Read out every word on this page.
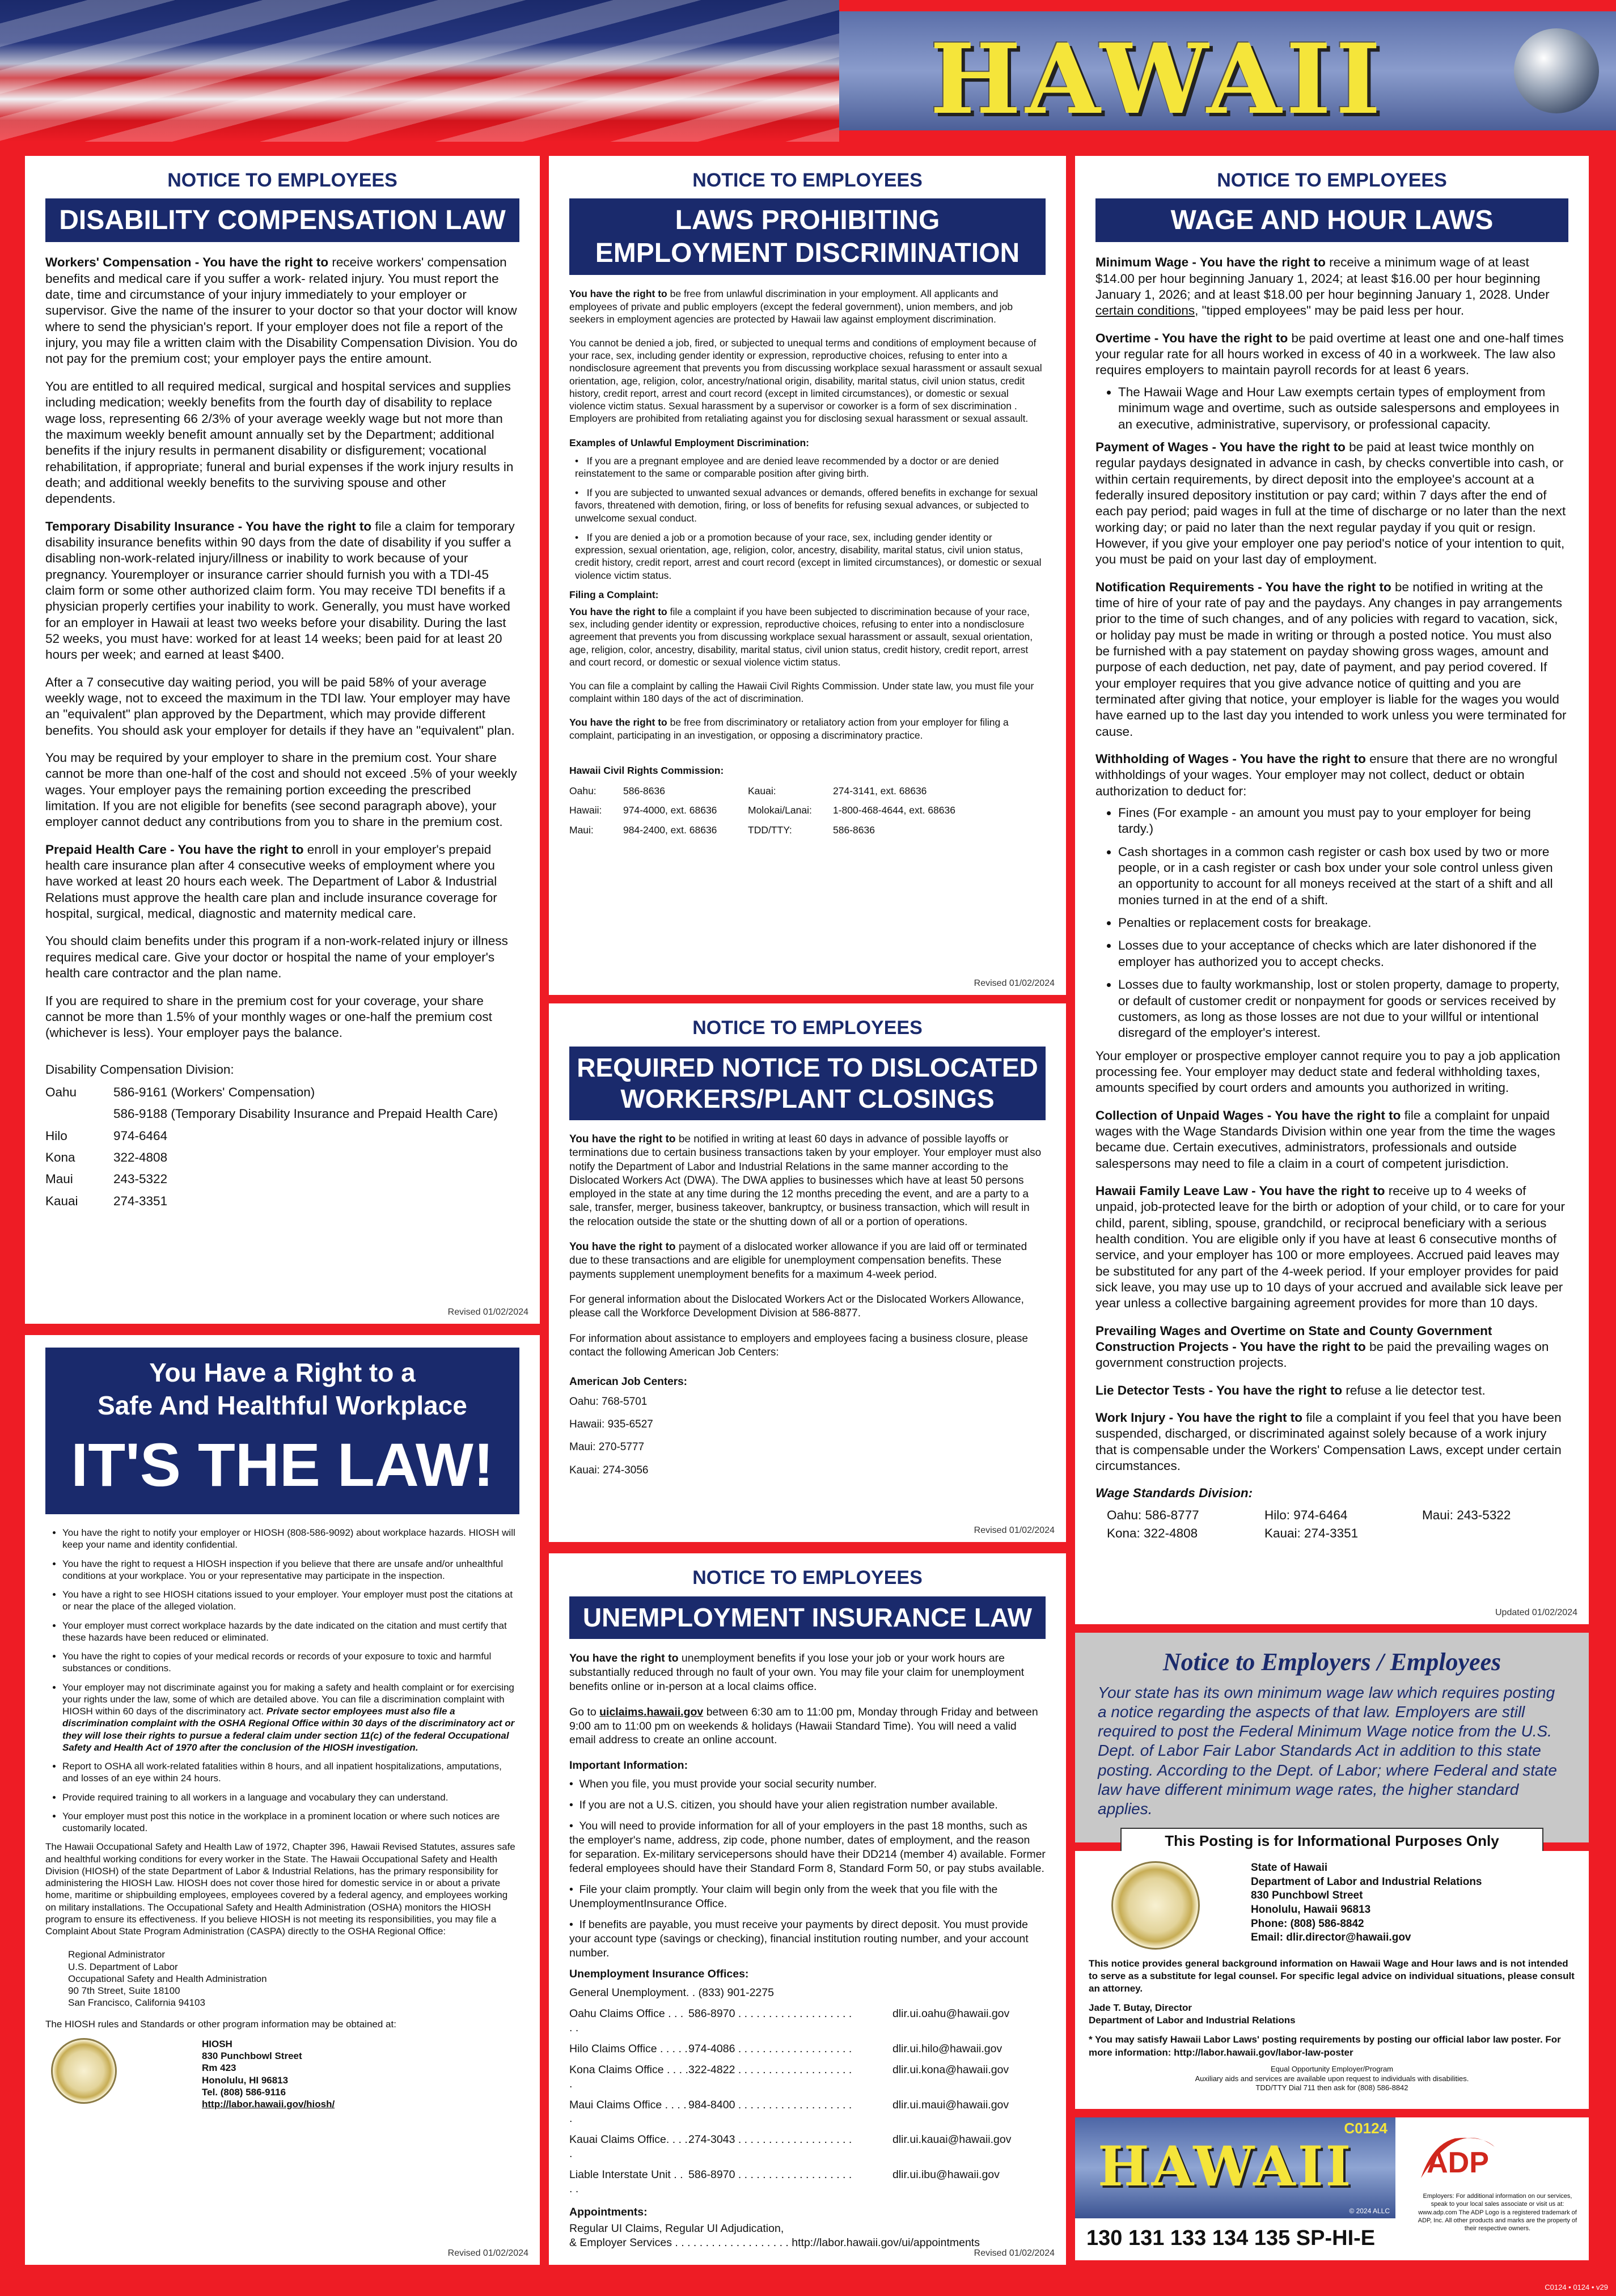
HAWAII
NOTICE TO EMPLOYEES
DISABILITY COMPENSATION LAW

Workers' Compensation - You have the right to receive workers' compensation benefits and medical care if you suffer a work- related injury. You must report the date, time and circumstance of your injury immediately to your employer or supervisor. Give the name of the insurer to your doctor so that your doctor will know where to send the physician's report. If your employer does not file a report of the injury, you may file a written claim with the Disability Compensation Division. You do not pay for the premium cost; your employer pays the entire amount.

You are entitled to all required medical, surgical and hospital services and supplies including medication; weekly benefits from the fourth day of disability to replace wage loss, representing 66 2/3% of your average weekly wage but not more than the maximum weekly benefit amount annually set by the Department; additional benefits if the injury results in permanent disability or disfigurement; vocational rehabilitation, if appropriate; funeral and burial expenses if the work injury results in death; and additional weekly benefits to the surviving spouse and other dependents.

Temporary Disability Insurance - You have the right to file a claim for temporary disability insurance benefits within 90 days from the date of disability if you suffer a disabling non-work-related injury/illness or inability to work because of your pregnancy. Youremployer or insurance carrier should furnish you with a TDI-45 claim form or some other authorized claim form. You may receive TDI benefits if a physician properly certifies your inability to work. Generally, you must have worked for an employer in Hawaii at least two weeks before your disability. During the last 52 weeks, you must have: worked for at least 14 weeks; been paid for at least 20 hours per week; and earned at least $400.

After a 7 consecutive day waiting period, you will be paid 58% of your average weekly wage, not to exceed the maximum in the TDI law. Your employer may have an "equivalent" plan approved by the Department, which may provide different benefits. You should ask your employer for details if they have an "equivalent" plan.

You may be required by your employer to share in the premium cost. Your share cannot be more than one-half of the cost and should not exceed .5% of your weekly wages. Your employer pays the remaining portion exceeding the prescribed limitation. If you are not eligible for benefits (see second paragraph above), your employer cannot deduct any contributions from you to share in the premium cost.

Prepaid Health Care - You have the right to enroll in your employer's prepaid health care insurance plan after 4 consecutive weeks of employment where you have worked at least 20 hours each week. The Department of Labor & Industrial Relations must approve the health care plan and include insurance coverage for hospital, surgical, medical, diagnostic and maternity medical care.

You should claim benefits under this program if a non-work-related injury or illness requires medical care. Give your doctor or hospital the name of your employer's health care contractor and the plan name.

If you are required to share in the premium cost for your coverage, your share cannot be more than 1.5% of your monthly wages or one-half the premium cost (whichever is less). Your employer pays the balance.

Disability Compensation Division:
Oahu	586-9161 (Workers' Compensation)
586-9188 (Temporary Disability Insurance and Prepaid Health Care)
Hilo	974-6464
Kona	322-4808
Maui	243-5322
Kauai	274-3351
Revised 01/02/2024
You Have a Right to a
Safe And Healthful Workplace
IT'S THE LAW!
• You have the right to notify your employer or HIOSH (808-586-9092) about workplace hazards. HIOSH will keep your name and identity confidential.
• You have the right to request a HIOSH inspection if you believe that there are unsafe and/or unhealthful conditions at your workplace. You or your representative may participate in the inspection.
• You have a right to see HIOSH citations issued to your employer. Your employer must post the citations at or near the place of the alleged violation.
• Your employer must correct workplace hazards by the date indicated on the citation and must certify that these hazards have been reduced or eliminated.
• You have the right to copies of your medical records or records of your exposure to toxic and harmful substances or conditions.
• Your employer may not discriminate against you for making a safety and health complaint or for exercising your rights under the law, some of which are detailed above. You can file a discrimination complaint with HIOSH within 60 days of the discriminatory act. Private sector employees must also file a discrimination complaint with the OSHA Regional Office within 30 days of the discriminatory act or they will lose their rights to pursue a federal claim under section 11(c) of the federal Occupational Safety and Health Act of 1970 after the conclusion of the HIOSH investigation.
• Report to OSHA all work-related fatalities within 8 hours, and all inpatient hospitalizations, amputations, and losses of an eye within 24 hours.
• Provide required training to all workers in a language and vocabulary they can understand.
• Your employer must post this notice in the workplace in a prominent location or where such notices are customarily located.

The Hawaii Occupational Safety and Health Law of 1972, Chapter 396, Hawaii Revised Statutes, assures safe and healthful working conditions for every worker in the State. The Hawaii Occupational Safety and Health Division (HIOSH) of the state Department of Labor & Industrial Relations, has the primary responsibility for administering the HIOSH Law. HIOSH does not cover those hired for domestic service in or about a private home, maritime or shipbuilding employees, employees covered by a federal agency, and employees working on military installations. The Occupational Safety and Health Administration (OSHA) monitors the HIOSH program to ensure its effectiveness. If you believe HIOSH is not meeting its responsibilities, you may file a Complaint About State Program Administration (CASPA) directly to the OSHA Regional Office:

Regional Administrator
U.S. Department of Labor
Occupational Safety and Health Administration
90 7th Street, Suite 18100
San Francisco, California 94103
The HIOSH rules and Standards or other program information may be obtained at:
HIOSH
830 Punchbowl Street
Rm 423
Honolulu, HI 96813
Tel. (808) 586-9116
http://labor.hawaii.gov/hiosh/
Revised 01/02/2024
NOTICE TO EMPLOYEES
LAWS PROHIBITING
EMPLOYMENT DISCRIMINATION

You have the right to be free from unlawful discrimination in your employment. All applicants and employees of private and public employers (except the federal government), union members, and job seekers in employment agencies are protected by Hawaii law against employment discrimination.

You cannot be denied a job, fired, or subjected to unequal terms and conditions of employment because of your race, sex, including gender identity or expression, reproductive choices, refusing to enter into a nondisclosure agreement that prevents you from discussing workplace sexual harassment or assault sexual orientation, age, religion, color, ancestry/national origin, disability, marital status, civil union status, credit history, credit report, arrest and court record (except in limited circumstances), or domestic or sexual violence victim status. Sexual harassment by a supervisor or coworker is a form of sex discrimination . Employers are prohibited from retaliating against you for disclosing sexual harassment or sexual assault.

Examples of Unlawful Employment Discrimination:

•   If you are a pregnant employee and are denied leave recommended by a doctor or are denied reinstatement to the same or comparable position after giving birth.
•   If you are subjected to unwanted sexual advances or demands, offered benefits in exchange for sexual favors, threatened with demotion, firing, or loss of benefits for refusing sexual advances, or subjected to unwelcome sexual conduct.
•   If you are denied a job or a promotion because of your race, sex, including gender identity or expression, sexual orientation, age, religion, color, ancestry, disability, marital status, civil union status, credit history, credit report, arrest and court record (except in limited circumstances), or domestic or sexual violence victim status.

Filing a Complaint:

You have the right to file a complaint if you have been subjected to discrimination because of your race, sex, including gender identity or expression, reproductive choices, refusing to enter into a nondisclosure agreement that prevents you from discussing workplace sexual harassment or assault, sexual orientation, age, religion, color, ancestry, disability, marital status, civil union status, credit history, credit report, arrest and court record, or domestic or sexual violence victim status.

You can file a complaint by calling the Hawaii Civil Rights Commission. Under state law, you must file your complaint within 180 days of the act of discrimination.

You have the right to be free from discriminatory or retaliatory action from your employer for filing a complaint, participating in an investigation, or opposing a discriminatory practice.

Hawaii Civil Rights Commission:

Oahu:	586-8636	Kauai:	274-3141, ext. 68636
Hawaii:	974-4000, ext. 68636	Molokai/Lanai:	1-800-468-4644, ext. 68636
Maui:	984-2400, ext. 68636	TDD/TTY:	586-8636
Revised 01/02/2024
NOTICE TO EMPLOYEES
REQUIRED NOTICE TO DISLOCATED
WORKERS/PLANT CLOSINGS

You have the right to be notified in writing at least 60 days in advance of possible layoffs or terminations due to certain business transactions taken by your employer. Your employer must also notify the Department of Labor and Industrial Relations in the same manner according to the Dislocated Workers Act (DWA). The DWA applies to businesses which have at least 50 persons employed in the state at any time during the 12 months preceding the event, and are a party to a sale, transfer, merger, business takeover, bankruptcy, or business transaction, which will result in the relocation outside the state or the shutting down of all or a portion of operations.

You have the right to payment of a dislocated worker allowance if you are laid off or terminated due to these transactions and are eligible for unemployment compensation benefits. These payments supplement unemployment benefits for a maximum 4-week period.

For general information about the Dislocated Workers Act or the Dislocated Workers Allowance, please call the Workforce Development Division at 586-8877.

For information about assistance to employers and employees facing a business closure, please contact the following American Job Centers:

American Job Centers:

Oahu: 768-5701
Hawaii: 935-6527
Maui: 270-5777
Kauai: 274-3056
Revised 01/02/2024
NOTICE TO EMPLOYEES
UNEMPLOYMENT INSURANCE LAW

You have the right to unemployment benefits if you lose your job or your work hours are substantially reduced through no fault of your own. You may file your claim for unemployment benefits online or in-person at a local claims office.

Go to uiclaims.hawaii.gov between 6:30 am to 11:00 pm, Monday through Friday and between 9:00 am to 11:00 pm on weekends & holidays (Hawaii Standard Time). You will need a valid email address to create an online account.

Important Information:

•  When you file, you must provide your social security number.
•  If you are not a U.S. citizen, you should have your alien registration number available.
•  You will need to provide information for all of your employers in the past 18 months, such as the employer's name, address, zip code, phone number, dates of employment, and the reason for separation. Ex-military servicepersons should have their DD214 (member 4) available. Former federal employees should have their Standard Form 8, Standard Form 50, or pay stubs available.
•  File your claim promptly. Your claim will begin only from the week that you file with the UnemploymentInsurance Office.
•  If benefits are payable, you must receive your payments by direct deposit. You must provide your account type (savings or checking), financial institution routing number, and your account number.

Unemployment Insurance Offices:

General Unemployment. . (833) 901-2275
Oahu Claims Office . . . . .
586-8970 . . . . . . . . . . . . . . . . . . .	dlir.ui.oahu@hawaii.gov
Hilo Claims Office . . . . . 974-4086 . . . . . . . . . . . . . . . . . . .	dlir.ui.hilo@hawaii.gov
Kona Claims Office . . . . .
322-4822 . . . . . . . . . . . . . . . . . . .	dlir.ui.kona@hawaii.gov
Maui Claims Office . . . . .
984-8400 . . . . . . . . . . . . . . . . . . .	dlir.ui.maui@hawaii.gov
Kauai Claims Office. . . . .
274-3043 . . . . . . . . . . . . . . . . . . .	dlir.ui.kauai@hawaii.gov
Liable Interstate Unit . . . .
586-8970 . . . . . . . . . . . . . . . . . . .	dlir.ui.ibu@hawaii.gov

Appointments:

Regular UI Claims, Regular UI Adjudication,
& Employer Services . . . . . . . . . . . . . . . . . . . http://labor.hawaii.gov/ui/appointments
Revised 01/02/2024
NOTICE TO EMPLOYEES
WAGE AND HOUR LAWS

Minimum Wage - You have the right to receive a minimum wage of at least $14.00 per hour beginning January 1, 2024; at least $16.00 per hour beginning January 1, 2026; and at least $18.00 per hour beginning January 1, 2028. Under certain conditions, "tipped employees" may be paid less per hour.

Overtime - You have the right to be paid overtime at least one and one-half times your regular rate for all hours worked in excess of 40 in a workweek. The law also requires employers to maintain payroll records for at least 6 years.

• The Hawaii Wage and Hour Law exempts certain types of employment from minimum wage and overtime, such as outside salespersons and employees in an executive, administrative, supervisory, or professional capacity.

Payment of Wages - You have the right to be paid at least twice monthly on regular paydays designated in advance in cash, by checks convertible into cash, or within certain requirements, by direct deposit into the employee's account at a federally insured depository institution or pay card; within 7 days after the end of each pay period; paid wages in full at the time of discharge or no later than the next working day; or paid no later than the next regular payday if you quit or resign. However, if you give your employer one pay period's notice of your intention to quit, you must be paid on your last day of employment.

Notification Requirements - You have the right to be notified in writing at the time of hire of your rate of pay and the paydays. Any changes in pay arrangements prior to the time of such changes, and of any policies with regard to vacation, sick, or holiday pay must be made in writing or through a posted notice. You must also be furnished with a pay statement on payday showing gross wages, amount and purpose of each deduction, net pay, date of payment, and pay period covered. If your employer requires that you give advance notice of quitting and you are terminated after giving that notice, your employer is liable for the wages you would have earned up to the last day you intended to work unless you were terminated for cause.

Withholding of Wages - You have the right to ensure that there are no wrongful withholdings of your wages. Your employer may not collect, deduct or obtain authorization to deduct for:

• Fines (For example - an amount you must pay to your employer for being tardy.)
• Cash shortages in a common cash register or cash box used by two or more people, or in a cash register or cash box under your sole control unless given an opportunity to account for all moneys received at the start of a shift and all monies turned in at the end of a shift.
• Penalties or replacement costs for breakage.
• Losses due to your acceptance of checks which are later dishonored if the employer has authorized you to accept checks.
• Losses due to faulty workmanship, lost or stolen property, damage to property, or default of customer credit or nonpayment for goods or services received by customers, as long as those losses are not due to your willful or intentional disregard of the employer's interest.

Your employer or prospective employer cannot require you to pay a job application processing fee. Your employer may deduct state and federal withholding taxes, amounts specified by court orders and amounts you authorized in writing.

Collection of Unpaid Wages - You have the right to file a complaint for unpaid wages with the Wage Standards Division within one year from the time the wages became due. Certain executives, administrators, professionals and outside salespersons may need to file a claim in a court of competent jurisdiction.

Hawaii Family Leave Law - You have the right to receive up to 4 weeks of unpaid, job-protected leave for the birth or adoption of your child, or to care for your child, parent, sibling, spouse, grandchild, or reciprocal beneficiary with a serious health condition. You are eligible only if you have at least 6 consecutive months of service, and your employer has 100 or more employees. Accrued paid leaves may be substituted for any part of the 4-week period. If your employer provides for paid sick leave, you may use up to 10 days of your accrued and available sick leave per year unless a collective bargaining agreement provides for more than 10 days.

Prevailing Wages and Overtime on State and County Government Construction Projects - You have the right to be paid the prevailing wages on government construction projects.

Lie Detector Tests - You have the right to refuse a lie detector test.

Work Injury - You have the right to file a complaint if you feel that you have been suspended, discharged, or discriminated against solely because of a work injury that is compensable under the Workers' Compensation Laws, except under certain circumstances.

Wage Standards Division:

Oahu: 586-8777	Hilo: 974-6464	Maui: 243-5322
Kona: 322-4808	Kauai: 274-3351
Updated 01/02/2024
Notice to Employers / Employees
Your state has its own minimum wage law which requires posting a notice regarding the aspects of that law. Employers are still required to post the Federal Minimum Wage notice from the U.S. Dept. of Labor Fair Labor Standards Act in addition to this state posting. According to the Dept. of Labor; where Federal and state law have different minimum wage rates, the higher standard applies.
This Posting is for Informational Purposes Only
State of Hawaii
Department of Labor and Industrial Relations
830 Punchbowl Street
Honolulu, Hawaii 96813
Phone: (808) 586-8842
Email: dlir.director@hawaii.gov
This notice provides general background information on Hawaii Wage and Hour laws and is not intended to serve as a substitute for legal counsel. For specific legal advice on individual situations, please consult an attorney.
Jade T. Butay, Director
Department of Labor and Industrial Relations
* You may satisfy Hawaii Labor Laws' posting requirements by posting our official labor law poster. For more information: http://labor.hawaii.gov/labor-law-poster
Equal Opportunity Employer/Program
Auxiliary aids and services are available upon request to individuals with disabilities.
TDD/TTY Dial 711 then ask for (808) 586-8842
HAWAII
C0124
© 2024 ALLC
130 131 133 134 135 SP-HI-E
ADP
Employers: For additional information on our services, speak to your local sales associate or visit us at: www.adp.com The ADP Logo is a registered trademark of ADP, Inc. All other products and marks are the property of their respective owners.
C0124 • 0124 • v29
